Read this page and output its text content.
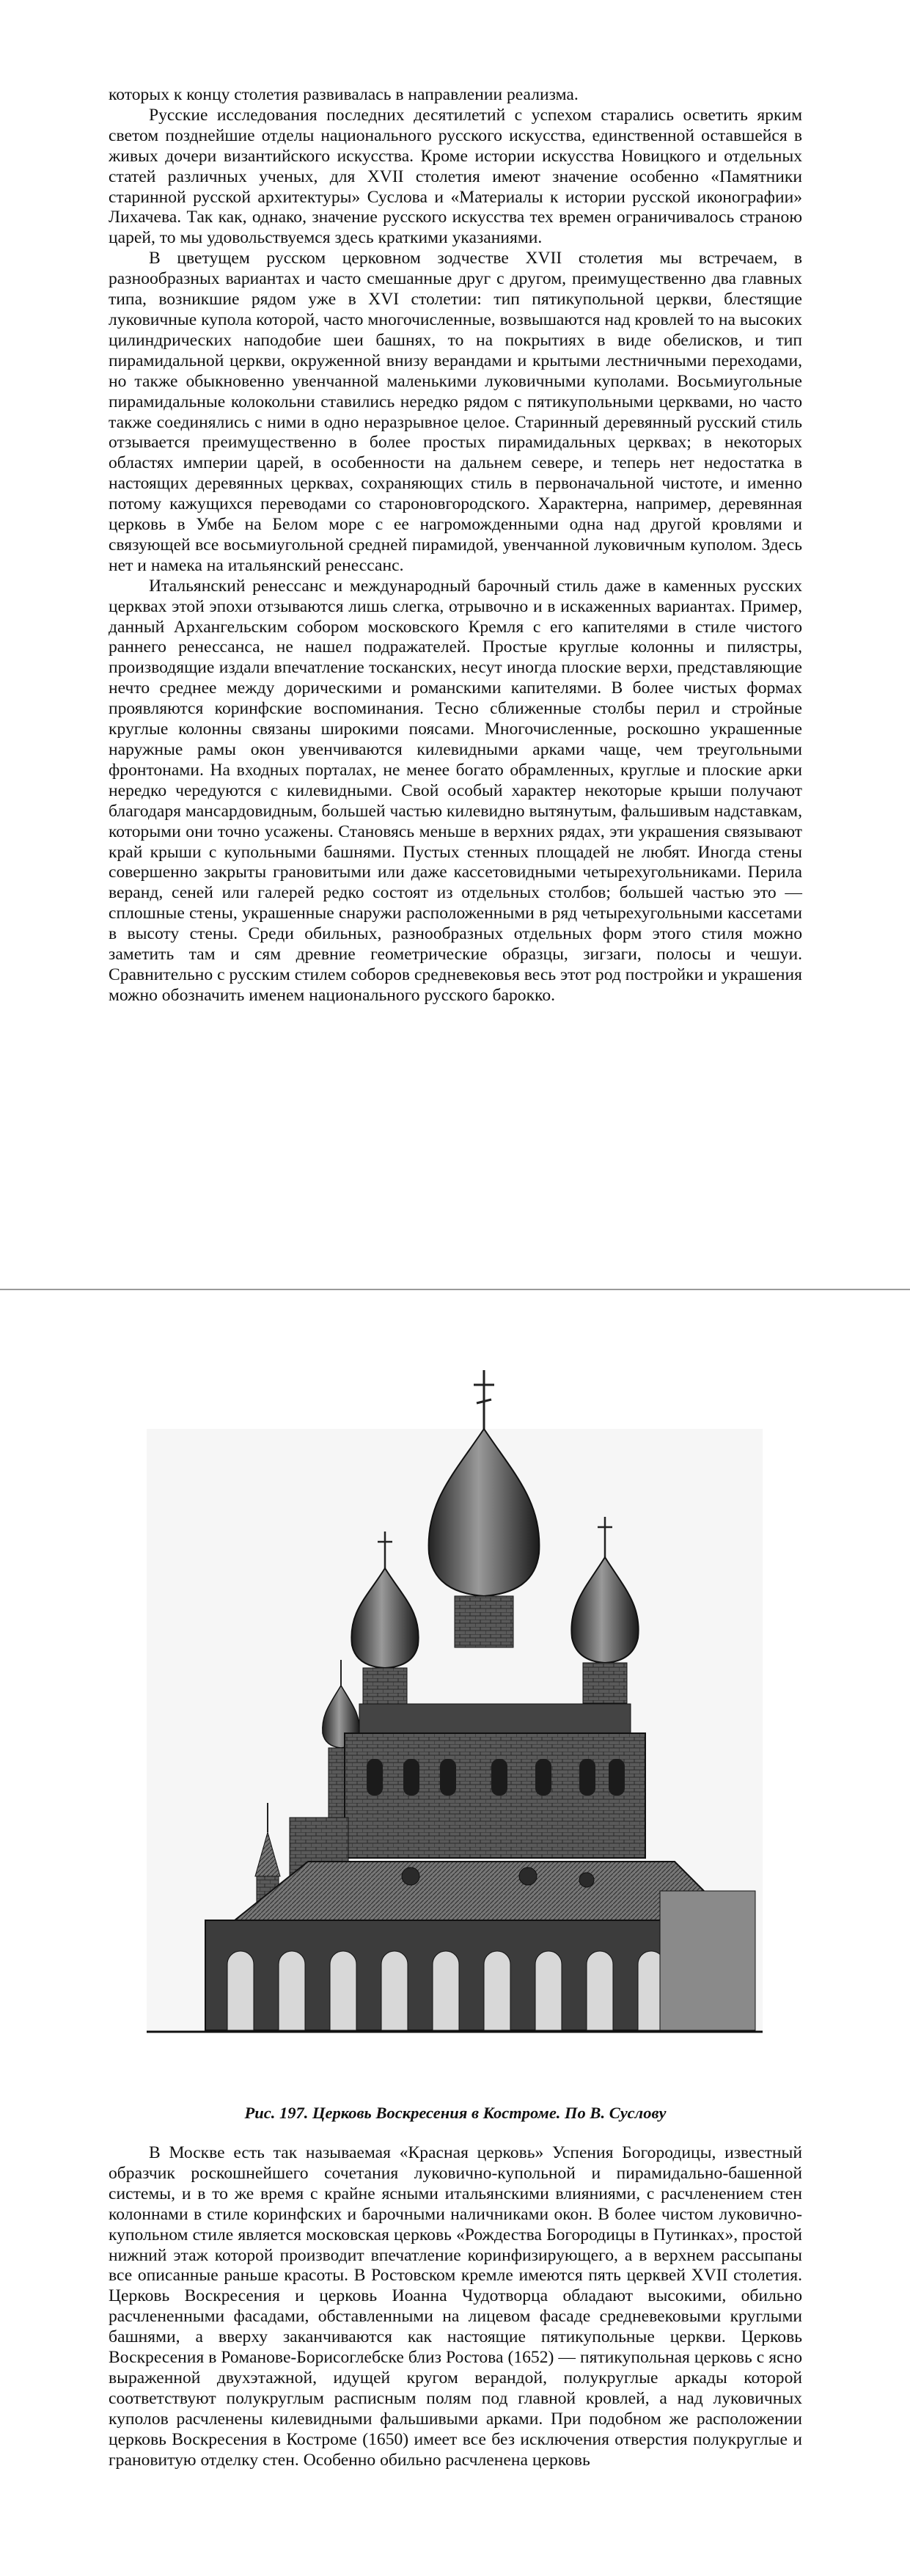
которых к концу столетия развивалась в направлении реализма.

Русские исследования последних десятилетий с успехом старались осветить ярким светом позднейшие отделы национального русского искусства, единственной оставшейся в живых дочери византийского искусства. Кроме истории искусства Новицкого и отдельных статей различных ученых, для XVII столетия имеют значение особенно «Памятники старинной русской архитектуры» Суслова и «Материалы к истории русской иконографии» Лихачева. Так как, однако, значение русского искусства тех времен ограничивалось страною царей, то мы удовольствуемся здесь краткими указаниями.

В цветущем русском церковном зодчестве XVII столетия мы встречаем, в разнообразных вариантах и часто смешанные друг с другом, преимущественно два главных типа, возникшие рядом уже в XVI столетии: тип пятикупольной церкви, блестящие луковичные купола которой, часто многочисленные, возвышаются над кровлей то на высоких цилиндрических наподобие шеи башнях, то на покрытиях в виде обелисков, и тип пирамидальной церкви, окруженной внизу верандами и крытыми лестничными переходами, но также обыкновенно увенчанной маленькими луковичными куполами. Восьмиугольные пирамидальные колокольни ставились нередко рядом с пятикупольными церквами, но часто также соединялись с ними в одно неразрывное целое. Старинный деревянный русский стиль отзывается преимущественно в более простых пирамидальных церквах; в некоторых областях империи царей, в особенности на дальнем севере, и теперь нет недостатка в настоящих деревянных церквах, сохраняющих стиль в первоначальной чистоте, и именно потому кажущихся переводами со староновгородского. Характерна, например, деревянная церковь в Умбе на Белом море с ее нагроможденными одна над другой кровлями и связующей все восьмиугольной средней пирамидой, увенчанной луковичным куполом. Здесь нет и намека на итальянский ренессанс.

Итальянский ренессанс и международный барочный стиль даже в каменных русских церквах этой эпохи отзываются лишь слегка, отрывочно и в искаженных вариантах. Пример, данный Архангельским собором московского Кремля с его капителями в стиле чистого раннего ренессанса, не нашел подражателей. Простые круглые колонны и пилястры, производящие издали впечатление тосканских, несут иногда плоские верхи, представляющие нечто среднее между дорическими и романскими капителями. В более чистых формах проявляются коринфские воспоминания. Тесно сближенные столбы перил и стройные круглые колонны связаны широкими поясами. Многочисленные, роскошно украшенные наружные рамы окон увенчиваются килевидными арками чаще, чем треугольными фронтонами. На входных порталах, не менее богато обрамленных, круглые и плоские арки нередко чередуются с килевидными. Свой особый характер некоторые крыши получают благодаря мансардовидным, большей частью килевидно вытянутым, фальшивым надставкам, которыми они точно усажены. Становясь меньше в верхних рядах, эти украшения связывают край крыши с купольными башнями. Пустых стенных площадей не любят. Иногда стены совершенно закрыты грановитыми или даже кассетовидными четырехугольниками. Перила веранд, сеней или галерей редко состоят из отдельных столбов; большей частью это — сплошные стены, украшенные снаружи расположенными в ряд четырехугольными кассетами в высоту стены. Среди обильных, разнообразных отдельных форм этого стиля можно заметить там и сям древние геометрические образцы, зигзаги, полосы и чешуи. Сравнительно с русским стилем соборов средневековья весь этот род постройки и украшения можно обозначить именем национального русского барокко.

Рис. 197. Церковь Воскресения в Костроме. По В. Суслову

В Москве есть так называемая «Красная церковь» Успения Богородицы, известный образчик роскошнейшего сочетания луковично-купольной и пирамидально-башенной системы, и в то же время с крайне ясными итальянскими влияниями, с расчленением стен колоннами в стиле коринфских и барочными наличниками окон. В более чистом луковично-купольном стиле является московская церковь «Рождества Богородицы в Путинках», простой нижний этаж которой производит впечатление коринфизирующего, а в верхнем рассыпаны все описанные раньше красоты. В Ростовском кремле имеются пять церквей XVII столетия. Церковь Воскресения и церковь Иоанна Чудотворца обладают высокими, обильно расчлененными фасадами, обставленными на лицевом фасаде средневековыми круглыми башнями, а вверху заканчиваются как настоящие пятикупольные церкви. Церковь Воскресения в Романове-Борисоглебске близ Ростова (1652) — пятикупольная церковь с ясно выраженной двухэтажной, идущей кругом верандой, полукруглые аркады которой соответствуют полукруглым расписным полям под главной кровлей, а над луковичных куполов расчленены килевидными фальшивыми арками. При подобном же расположении церковь Воскресения в Костроме (1650) имеет все без исключения отверстия полукруглые и грановитую отделку стен. Особенно обильно расчленена церковь
